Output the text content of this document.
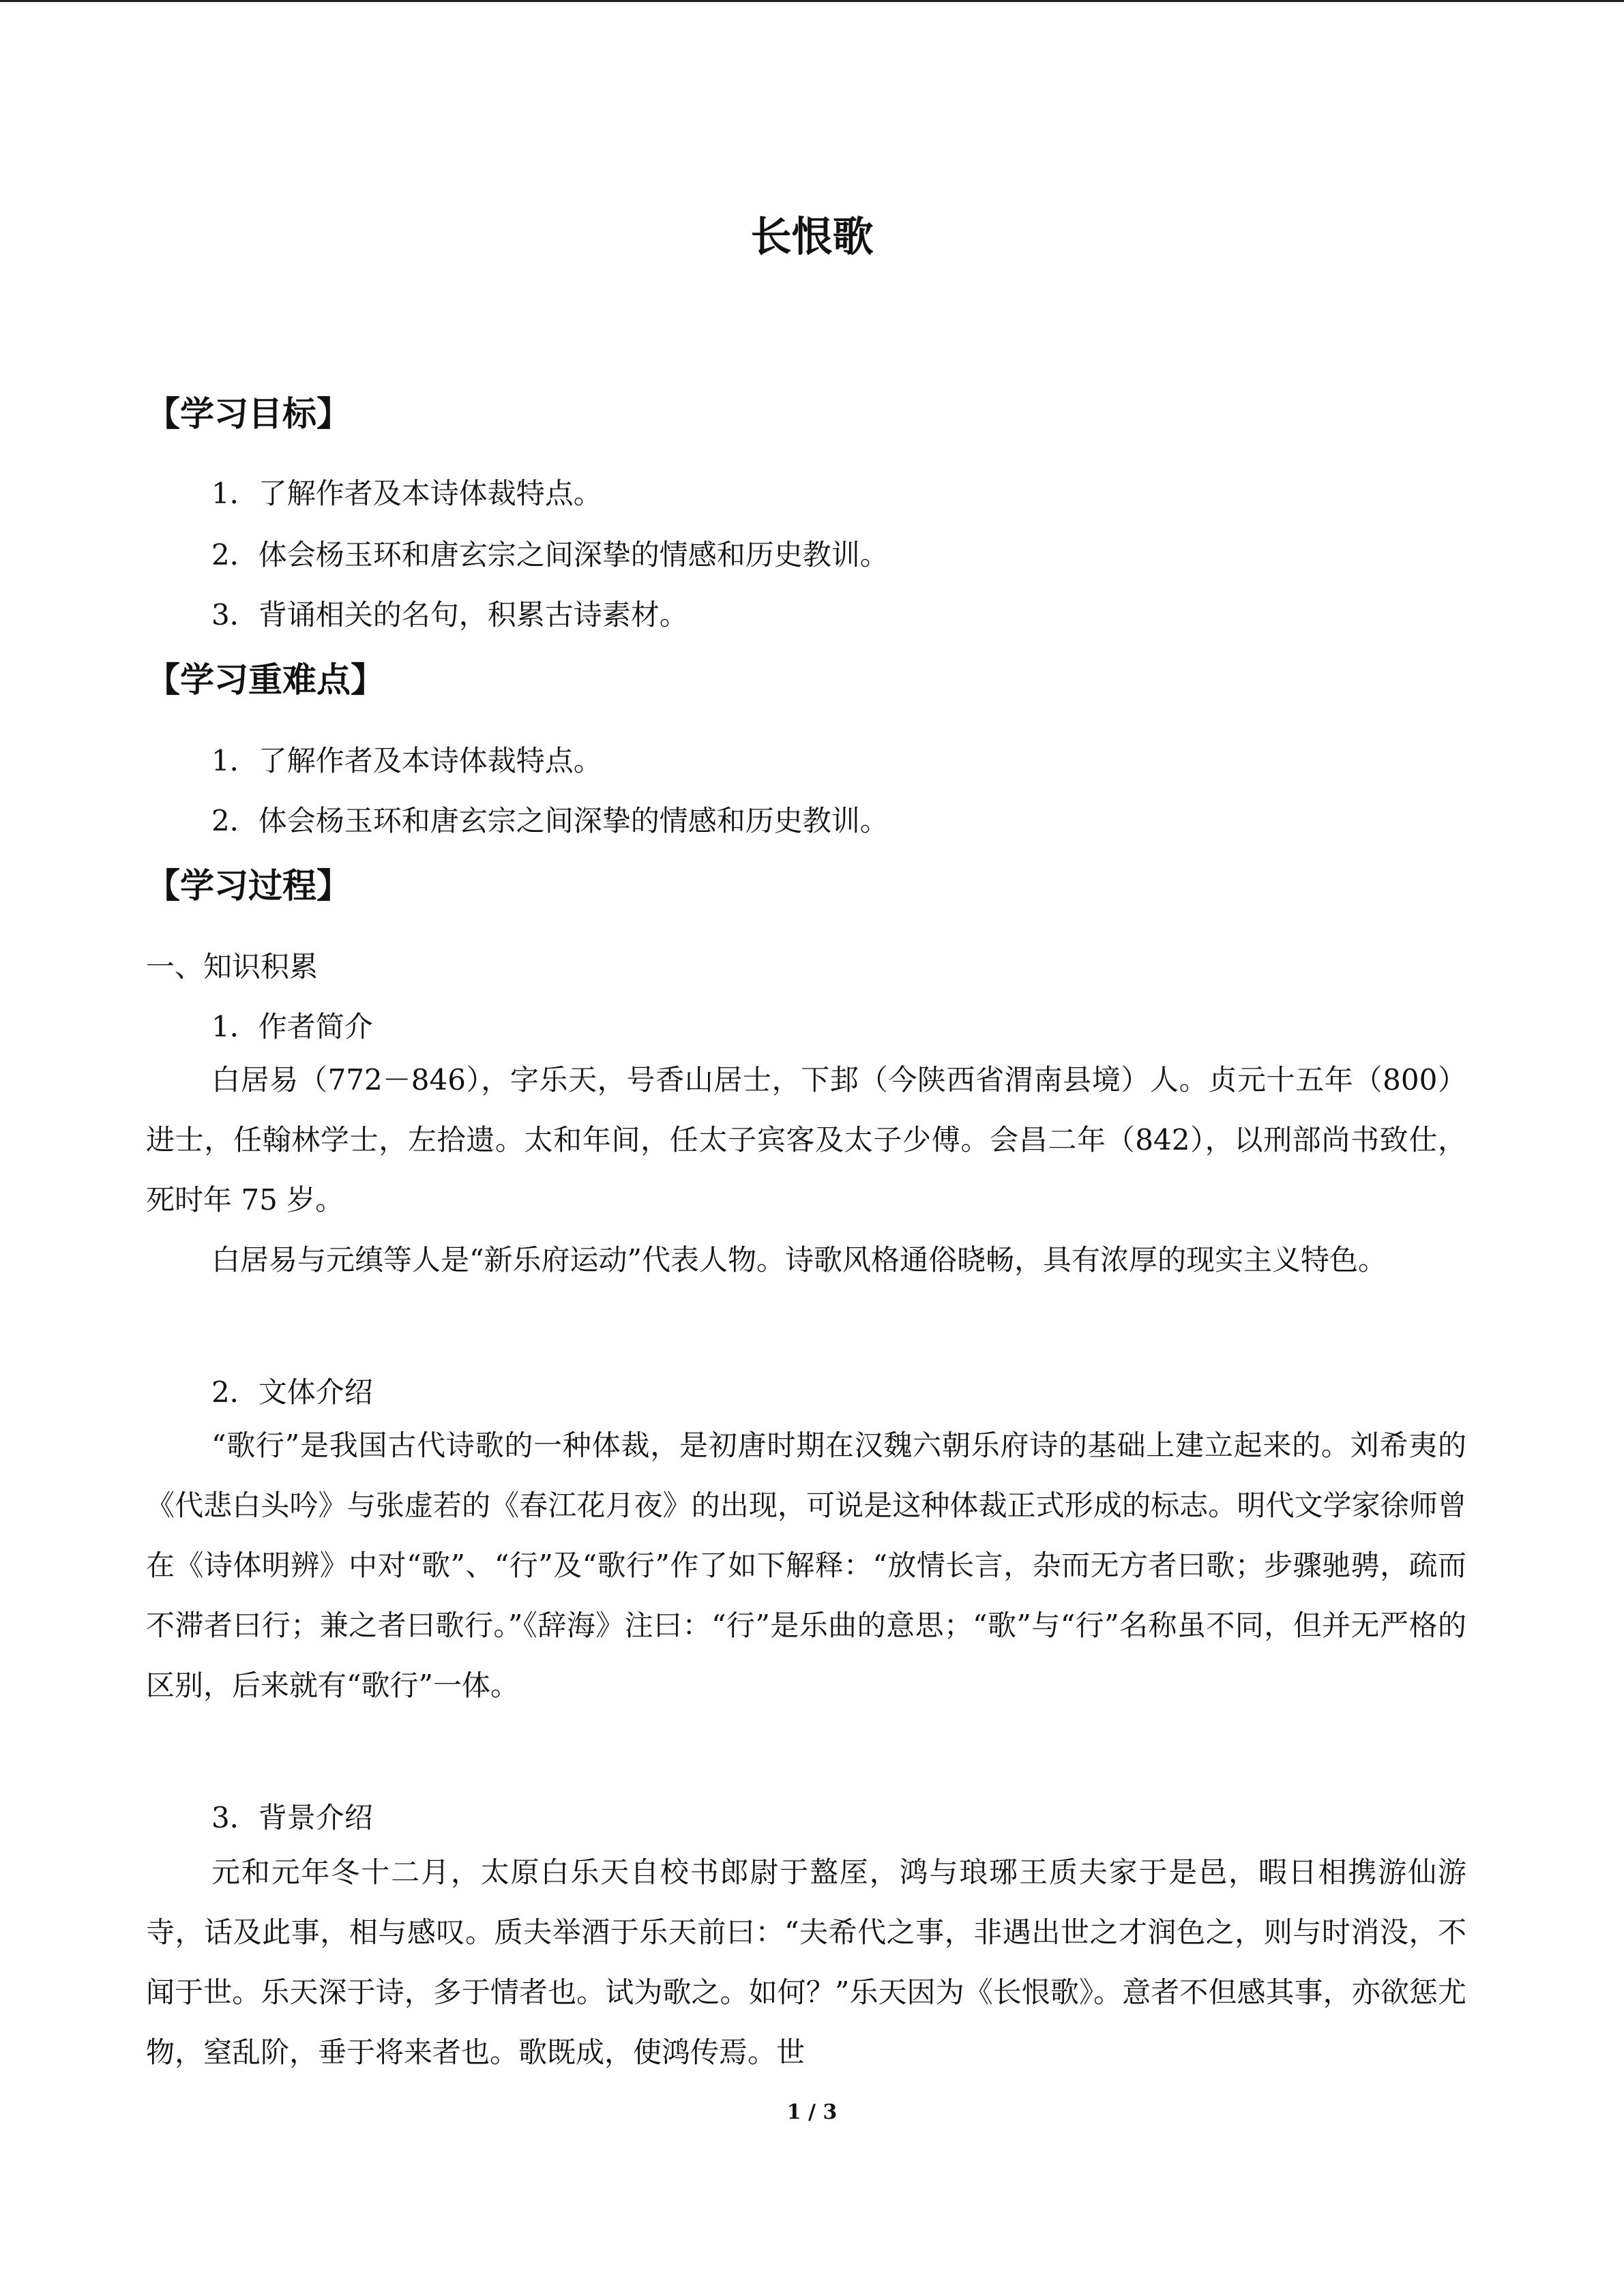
长恨歌
【学习目标】
1．了解作者及本诗体裁特点。
2．体会杨玉环和唐玄宗之间深挚的情感和历史教训。
3．背诵相关的名句，积累古诗素材。
【学习重难点】
1．了解作者及本诗体裁特点。
2．体会杨玉环和唐玄宗之间深挚的情感和历史教训。
【学习过程】
一、知识积累
1．作者简介

白居易（772－846），字乐天，号香山居士，下邽（今陕西省渭南县境）人。贞元十五年（800）进士，任翰林学士，左拾遗。太和年间，任太子宾客及太子少傅。会昌二年（842），以刑部尚书致仕，死时年 75 岁。

白居易与元缜等人是“新乐府运动”代表人物。诗歌风格通俗晓畅，具有浓厚的现实主义特色。

2．文体介绍

“歌行”是我国古代诗歌的一种体裁，是初唐时期在汉魏六朝乐府诗的基础上建立起来的。刘希夷的《代悲白头吟》与张虚若的《春江花月夜》的出现，可说是这种体裁正式形成的标志。明代文学家徐师曾在《诗体明辨》中对“歌”、“行”及“歌行”作了如下解释：“放情长言，杂而无方者曰歌；步骤驰骋，疏而不滞者曰行；兼之者曰歌行。”《辞海》注曰：“行”是乐曲的意思；“歌”与“行”名称虽不同，但并无严格的区别，后来就有“歌行”一体。

3．背景介绍

元和元年冬十二月，太原白乐天自校书郎尉于盩厔，鸿与琅琊王质夫家于是邑，暇日相携游仙游寺，话及此事，相与感叹。质夫举酒于乐天前曰：“夫希代之事，非遇出世之才润色之，则与时消没，不闻于世。乐天深于诗，多于情者也。试为歌之。如何？”乐天因为《长恨歌》。意者不但感其事，亦欲惩尤物，窒乱阶，垂于将来者也。歌既成，使鸿传焉。世

1 / 3
